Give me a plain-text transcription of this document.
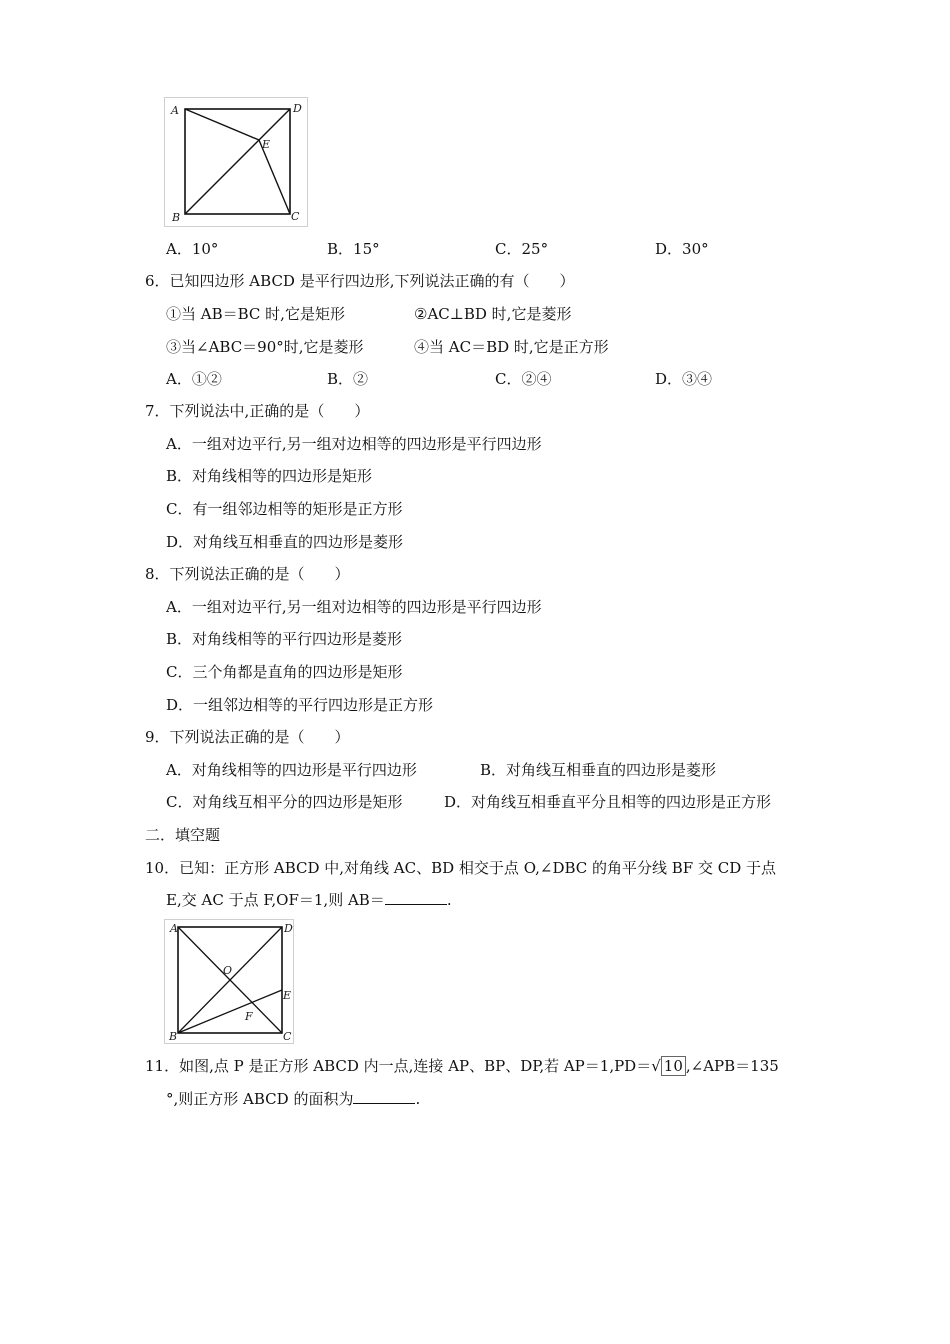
A	D
B	C
E
A．10°	B．15°	C．25°	D．30°
6．已知四边形 ABCD 是平行四边形,下列说法正确的有（　　）
①当 AB＝BC 时,它是矩形	②AC⊥BD 时,它是菱形
③当∠ABC＝90°时,它是菱形	④当 AC＝BD 时,它是正方形
A．①②	B．②	C．②④	D．③④
7．下列说法中,正确的是（　　）
A．一组对边平行,另一组对边相等的四边形是平行四边形
B．对角线相等的四边形是矩形
C．有一组邻边相等的矩形是正方形
D．对角线互相垂直的四边形是菱形
8．下列说法正确的是（　　）
A．一组对边平行,另一组对边相等的四边形是平行四边形
B．对角线相等的平行四边形是菱形
C．三个角都是直角的四边形是矩形
D．一组邻边相等的平行四边形是正方形
9．下列说法正确的是（　　）
A．对角线相等的四边形是平行四边形	B．对角线互相垂直的四边形是菱形
C．对角线互相平分的四边形是矩形	D．对角线互相垂直平分且相等的四边形是正方形
二．填空题
10．已知：正方形 ABCD 中,对角线 AC、BD 相交于点 O,∠DBC 的角平分线 BF 交 CD 于点
E,交 AC 于点 F,OF＝1,则 AB＝	.
A	D
B	C
E
F
O
11．如图,点 P 是正方形 ABCD 内一点,连接 AP、BP、DP,若 AP＝1,PD＝√ 10 ,∠APB＝135
°,则正方形 ABCD 的面积为	.
